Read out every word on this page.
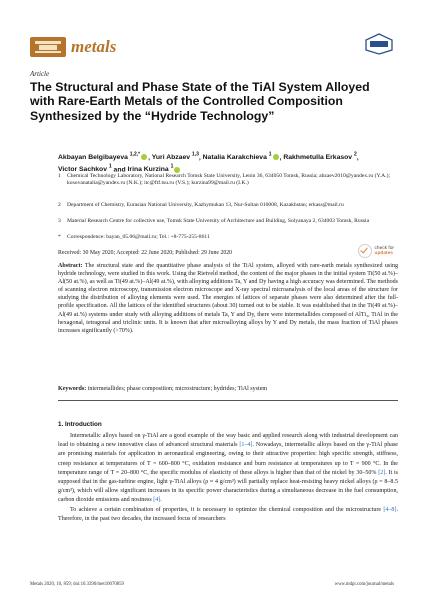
metals
Article
The Structural and Phase State of the TiAl System Alloyed with Rare-Earth Metals of the Controlled Composition Synthesized by the “Hydride Technology”
Akbayan Belgibayeva $^{1,2,*}$ , Yuri Abzaev $^{1,3}$, Natalia Karakchieva $^1$ , Rakhmetulla Erkasov $^2$,
Victor Sachkov $^1$ and Irina Kurzina $^1$
1 Chemical Technology Laboratory, National Research Tomsk State University, Lenin 36, 634050 Tomsk, Russia; abzaev2010@yandex.ru (Y.A.); kosovanatalia@yandex.ru (N.K.); itc@ftf.tsu.ru (V.S.); kurzina99@mail.ru (I.K.)
2 Department of Chemistry, Eurasian National University, Kazhymukan 13, Nur-Sultan 010008, Kazakhstan; erkass@mail.ru
3 Material Research Centre for collective use, Tomsk State University of Architecture and Building, Solyanaya 2, 634003 Tomsk, Russia
* Correspondence: bayan_05.06@mail.ru; Tel.: +8-775-255-8611
Received: 30 May 2020; Accepted: 22 June 2020; Published: 29 June 2020
check for
updates
Abstract: The structural state and the quantitative phase analysis of the TiAl system, alloyed with rare-earth metals synthesized using hydride technology, were studied in this work. Using the Rietveld method, the content of the major phases in the initial system Ti(50 at.%)–Al(50 at.%), as well as Ti(49 at.%)–Al(49 at.%), with alloying additions Ta, Y and Dy having a high accuracy was determined. The methods of scanning electron microscopy, transmission electron microscope and X-ray spectral microanalysis of the local areas of the structure for studying the distribution of alloying elements were used. The energies of lattices of separate phases were also determined after the full-profile specification. All the lattices of the identified structures (about 30) turned out to be stable. It was established that in the Ti(49 at.%)–Al(49 at.%) systems under study with alloying additions of metals Ta, Y and Dy, there were intermetallides composed of AlTi₃, TiAl in the hexagonal, tetragonal and triclinic units. It is known that after microalloying alloys by Y and Dy metals, the mass fraction of TiAl phases increases significantly (>70%).
Keywords: intermetallides; phase composition; microstructure; hydrides; TiAl system
1. Introduction

Intermetallic alloys based on γ-TiAl are a good example of the way basic and applied research along with industrial development can lead to obtaining a new innovative class of advanced structural materials [1–4]. Nowadays, intermetallic alloys based on the γ-TiAl phase are promising materials for application in aeronautical engineering, owing to their attractive properties: high specific strength, stiffness, creep resistance at temperatures of T = 600–800 °C, oxidation resistance and burn resistance at temperatures up to T = 900 °C. In the temperature range of T = 20–800 °C, the specific modulus of elasticity of these alloys is higher than that of the nickel by 30–50% [2]. It is supposed that in the gas-turbine engine, light γ-TiAl alloys (ρ ≈ 4 g/cm³) will partially replace heat-resisting heavy nickel alloys (ρ = 8–8.5 g/cm³), which will allow significant increases in its specific power characteristics during a simultaneous decrease in the fuel consumption, carbon dioxide emissions and nosiness [4].

To achieve a certain combination of properties, it is necessary to optimize the chemical composition and the microstructure [4–8]. Therefore, in the past two decades, the increased focus of researchers

Metals 2020, 10, 859; doi:10.3390/met10070859	www.mdpi.com/journal/metals
